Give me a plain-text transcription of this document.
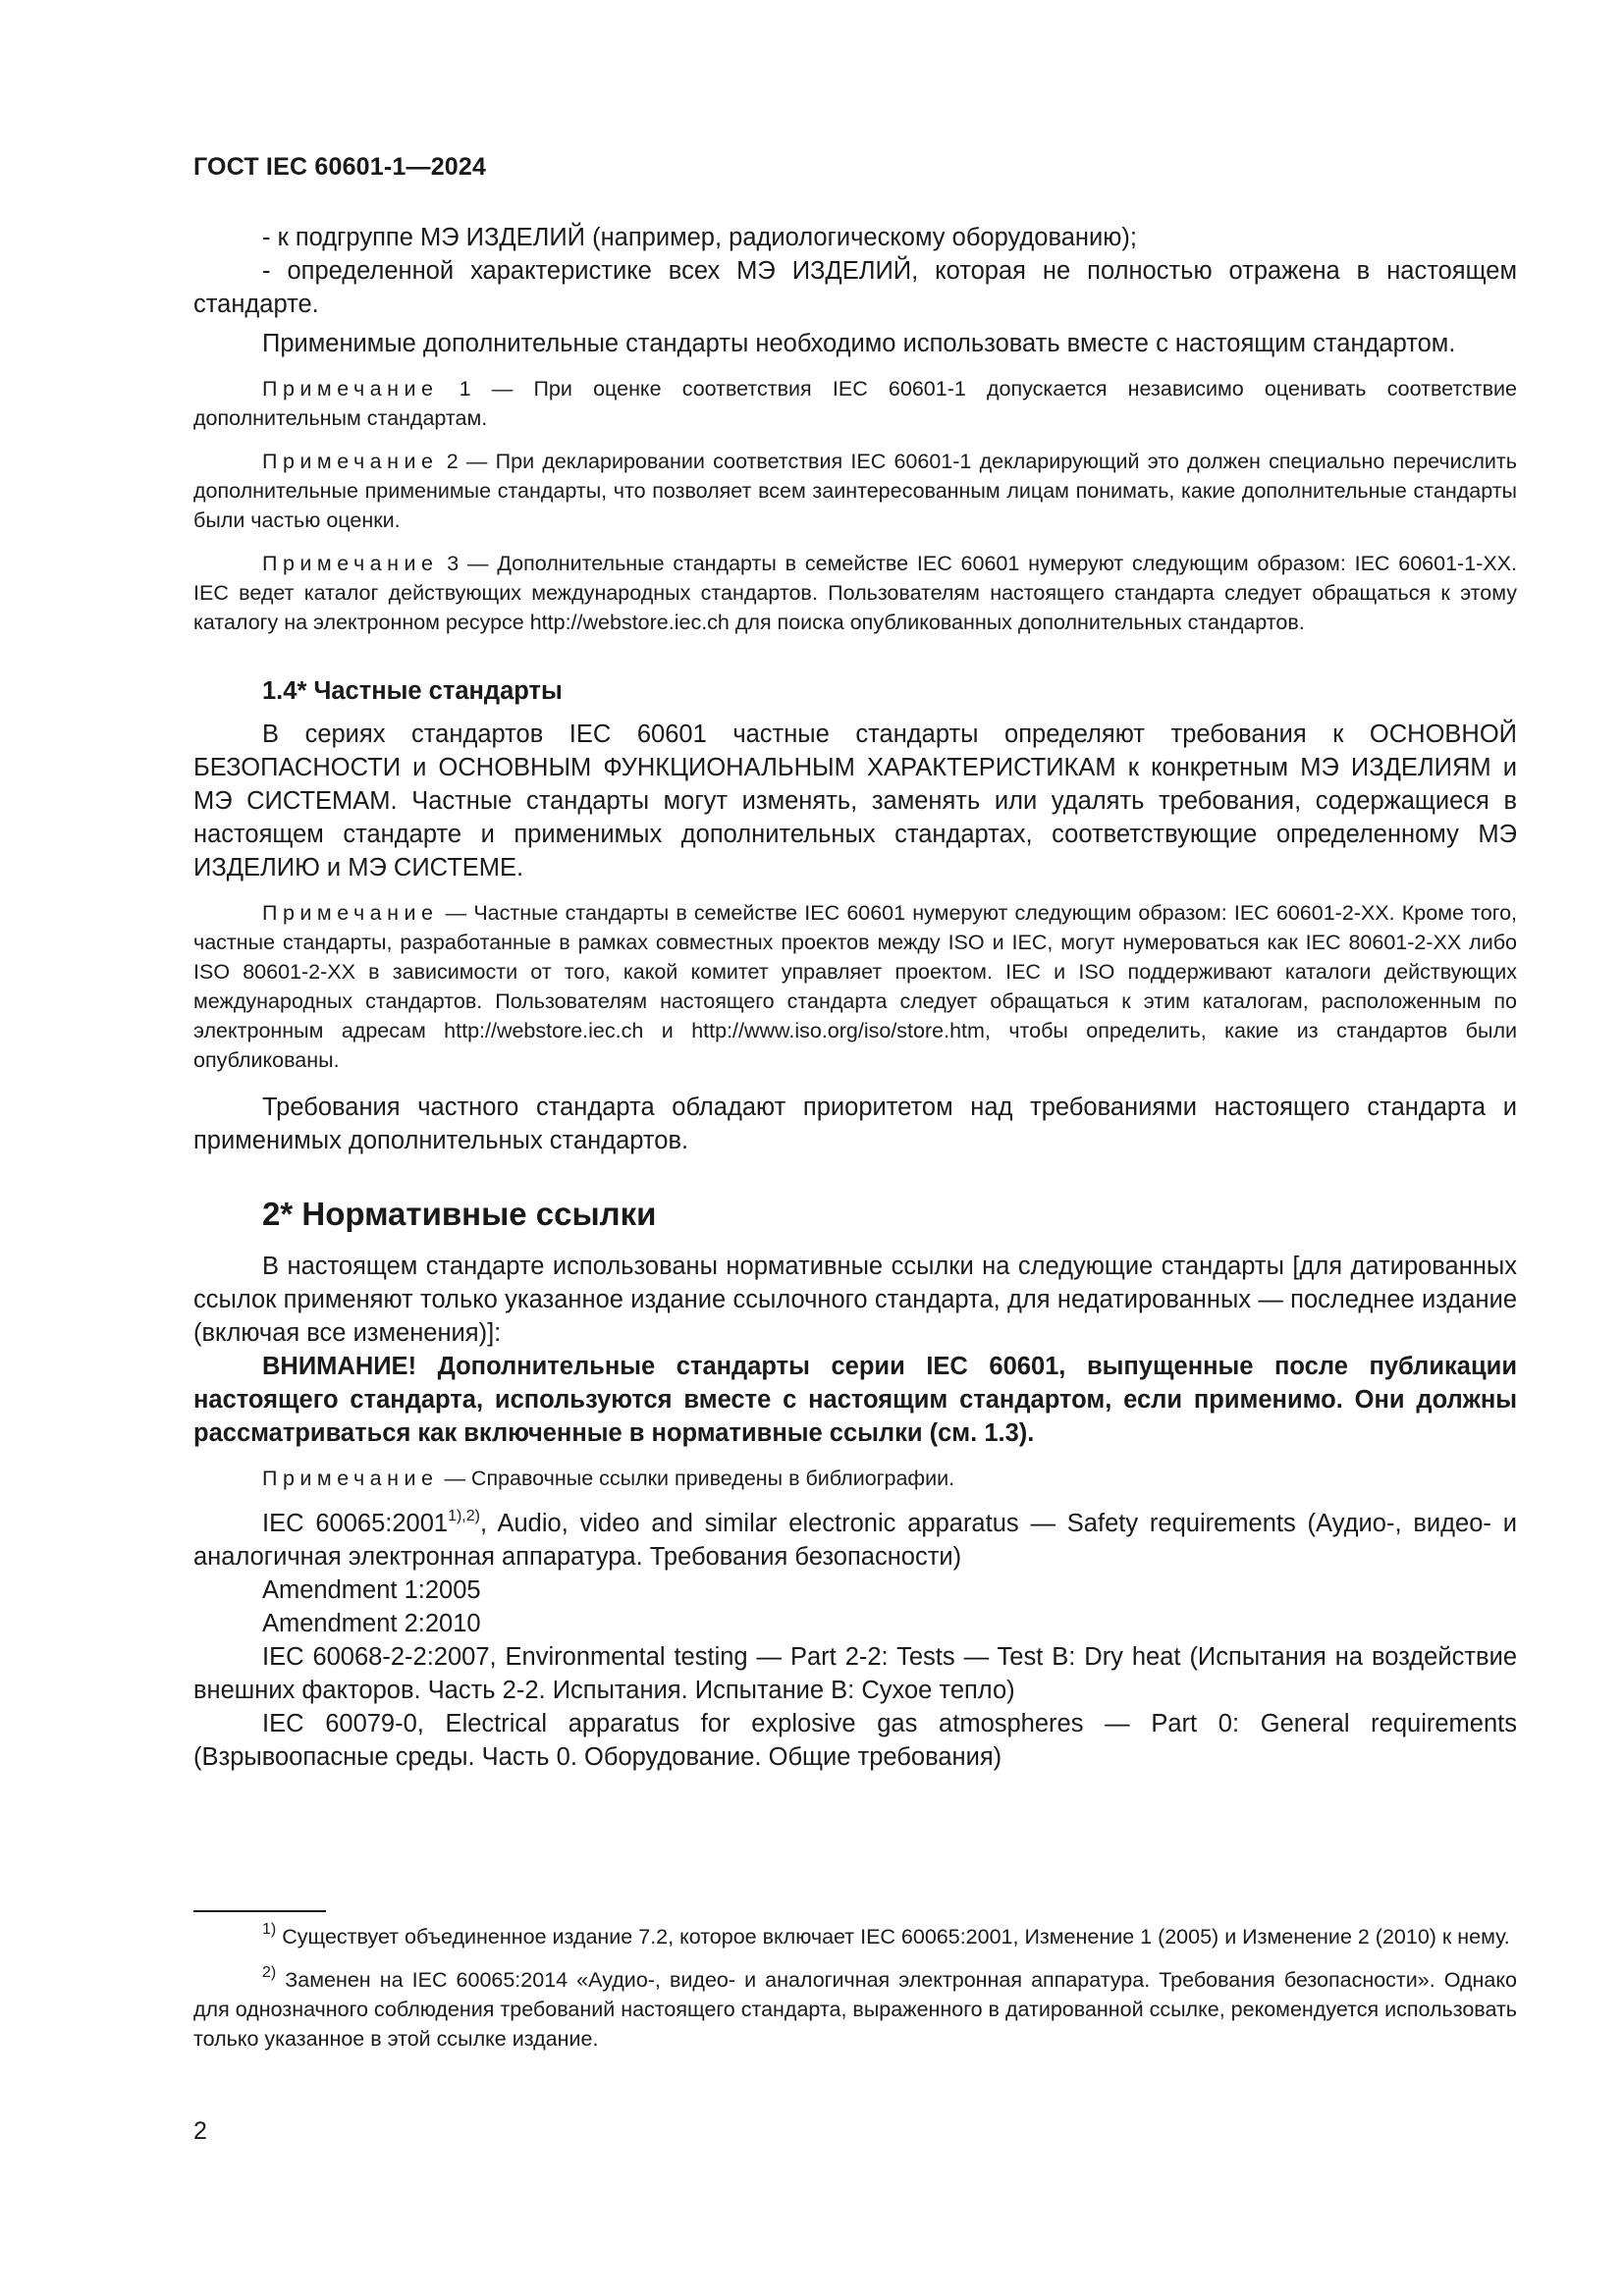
ГОСТ IEC 60601-1—2024

- к подгруппе МЭ ИЗДЕЛИЙ (например, радиологическому оборудованию);

- определенной характеристике всех МЭ ИЗДЕЛИЙ, которая не полностью отражена в настоящем стандарте.

Применимые дополнительные стандарты необходимо использовать вместе с настоящим стандартом.

Примечание 1 — При оценке соответствия IEC 60601-1 допускается независимо оценивать соответствие дополнительным стандартам.

Примечание 2 — При декларировании соответствия IEC 60601-1 декларирующий это должен специально перечислить дополнительные применимые стандарты, что позволяет всем заинтересованным лицам понимать, какие дополнительные стандарты были частью оценки.

Примечание 3 — Дополнительные стандарты в семействе IEC 60601 нумеруют следующим образом: IEC 60601-1-XX. IEC ведет каталог действующих международных стандартов. Пользователям настоящего стандарта следует обращаться к этому каталогу на электронном ресурсе http://webstore.iec.ch для поиска опубликованных дополнительных стандартов.

1.4* Частные стандарты

В сериях стандартов IEC 60601 частные стандарты определяют требования к ОСНОВНОЙ БЕЗОПАСНОСТИ и ОСНОВНЫМ ФУНКЦИОНАЛЬНЫМ ХАРАКТЕРИСТИКАМ к конкретным МЭ ИЗДЕЛИЯМ и МЭ СИСТЕМАМ. Частные стандарты могут изменять, заменять или удалять требования, содержащиеся в настоящем стандарте и применимых дополнительных стандартах, соответствующие определенному МЭ ИЗДЕЛИЮ и МЭ СИСТЕМЕ.

Примечание — Частные стандарты в семействе IEC 60601 нумеруют следующим образом: IEC 60601-2-XX. Кроме того, частные стандарты, разработанные в рамках совместных проектов между ISO и IEC, могут нумероваться как IEC 80601-2-XX либо ISO 80601-2-XX в зависимости от того, какой комитет управляет проектом. IEC и ISO поддерживают каталоги действующих международных стандартов. Пользователям настоящего стандарта следует обращаться к этим каталогам, расположенным по электронным адресам http://webstore.iec.ch и http://www.iso.org/iso/store.htm, чтобы определить, какие из стандартов были опубликованы.

Требования частного стандарта обладают приоритетом над требованиями настоящего стандарта и применимых дополнительных стандартов.

2* Нормативные ссылки

В настоящем стандарте использованы нормативные ссылки на следующие стандарты [для датированных ссылок применяют только указанное издание ссылочного стандарта, для недатированных — последнее издание (включая все изменения)]:

ВНИМАНИЕ! Дополнительные стандарты серии IEC 60601, выпущенные после публикации настоящего стандарта, используются вместе с настоящим стандартом, если применимо. Они должны рассматриваться как включенные в нормативные ссылки (см. 1.3).

Примечание — Справочные ссылки приведены в библиографии.

IEC $60065:2001^{1),2)}$, Audio, video and similar electronic apparatus — Safety requirements (Аудио-, видео- и аналогичная электронная аппаратура. Требования безопасности)

Amendment 1:2005

Amendment 2:2010

IEC 60068-2-2:2007, Environmental testing — Part 2-2: Tests — Test B: Dry heat (Испытания на воздействие внешних факторов. Часть 2-2. Испытания. Испытание В: Сухое тепло)

IEC 60079-0, Electrical apparatus for explosive gas atmospheres — Part 0: General requirements (Взрывоопасные среды. Часть 0. Оборудование. Общие требования)

$^{1)}$ Существует объединенное издание 7.2, которое включает IEC 60065:2001, Изменение 1 (2005) и Изменение 2 (2010) к нему.

$^{2)}$ Заменен на IEC 60065:2014 «Аудио-, видео- и аналогичная электронная аппаратура. Требования безопасности». Однако для однозначного соблюдения требований настоящего стандарта, выраженного в датированной ссылке, рекомендуется использовать только указанное в этой ссылке издание.

2
